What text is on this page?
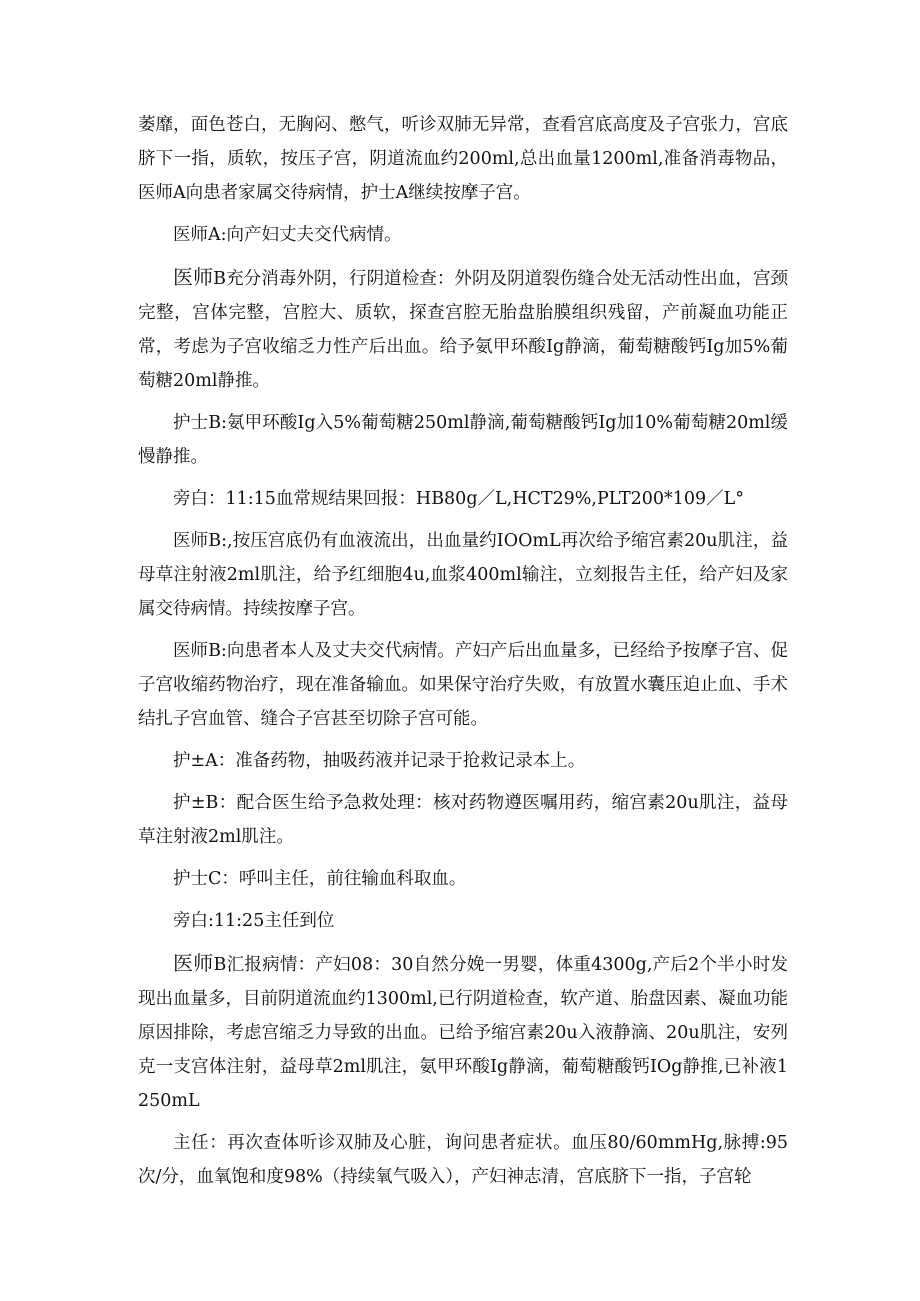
萎靡，面色苍白，无胸闷、憋气，听诊双肺无异常，查看宫底高度及子宫张力，宫底脐下一指，质软，按压子宫，阴道流血约200ml,总出血量1200ml,准备消毒物品，医师A向患者家属交待病情，护士A继续按摩子宫。

医师A:向产妇丈夫交代病情。

医师B充分消毒外阴，行阴道检查：外阴及阴道裂伤缝合处无活动性出血，宫颈完整，宫体完整，宫腔大、质软，探查宫腔无胎盘胎膜组织残留，产前凝血功能正常，考虑为子宫收缩乏力性产后出血。给予氨甲环酸Ig静滴，葡萄糖酸钙Ig加5%葡萄糖20ml静推。

护士B:氨甲环酸Ig入5%葡萄糖250ml静滴,葡萄糖酸钙Ig加10%葡萄糖20ml缓慢静推。

旁白：11:15血常规结果回报：HB80g／L,HCT29%,PLT200*109／L°

医师B:,按压宫底仍有血液流出，出血量约IOOmL再次给予缩宫素20u肌注，益母草注射液2ml肌注，给予红细胞4u,血浆400ml输注，立刻报告主任，给产妇及家属交待病情。持续按摩子宫。

医师B:向患者本人及丈夫交代病情。产妇产后出血量多，已经给予按摩子宫、促子宫收缩药物治疗，现在准备输血。如果保守治疗失败，有放置水囊压迫止血、手术结扎子宫血管、缝合子宫甚至切除子宫可能。

护±A：准备药物，抽吸药液并记录于抢救记录本上。

护±B：配合医生给予急救处理：核对药物遵医嘱用药，缩宫素20u肌注，益母草注射液2ml肌注。

护士C：呼叫主任，前往输血科取血。

旁白:11:25主任到位

医师B汇报病情：产妇08：30自然分娩一男婴，体重4300g,产后2个半小时发现出血量多，目前阴道流血约1300ml,已行阴道检查，软产道、胎盘因素、凝血功能原因排除，考虑宫缩乏力导致的出血。已给予缩宫素20u入液静滴、20u肌注，安列克一支宫体注射，益母草2ml肌注，氨甲环酸Ig静滴，葡萄糖酸钙IOg静推,已补液1250mL

主任：再次查体听诊双肺及心脏，询问患者症状。血压80/60mmHg,脉搏:95次/分，血氧饱和度98%（持续氧气吸入），产妇神志清，宫底脐下一指，子宫轮
